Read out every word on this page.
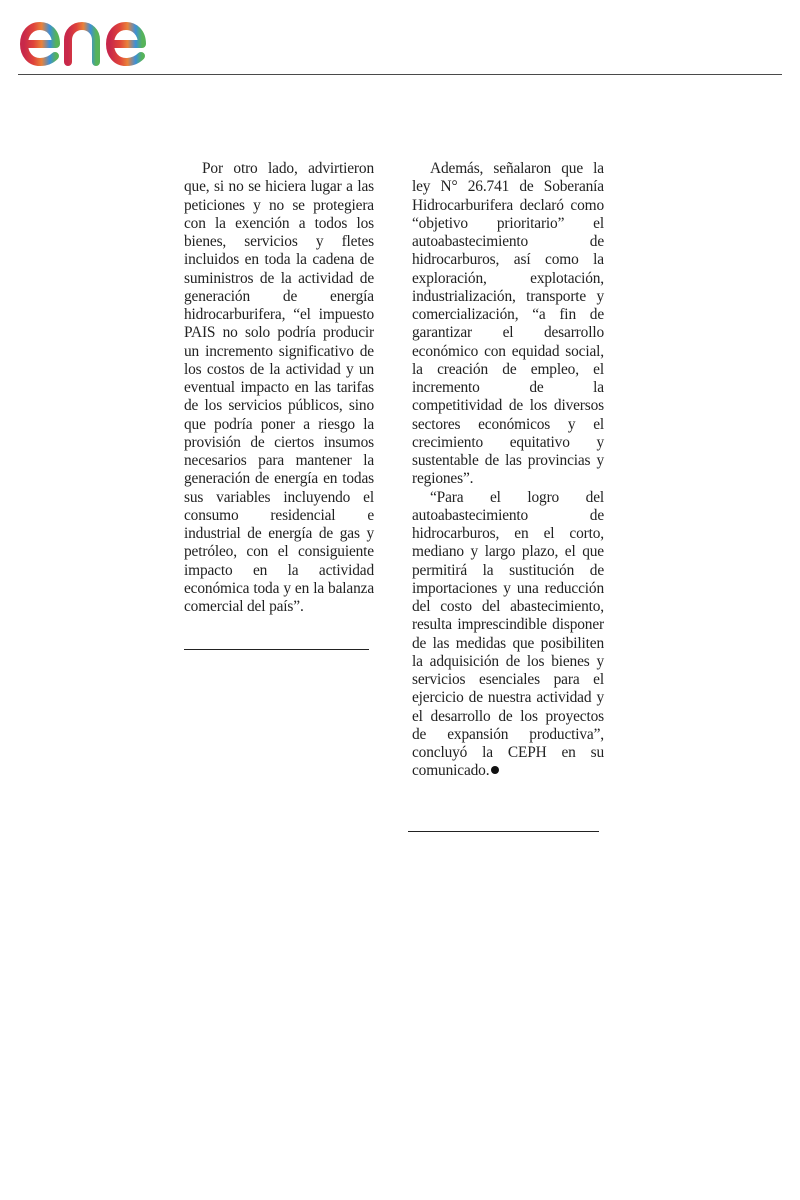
Por otro lado, advirtieron que, si no se hiciera lugar a las peticiones y no se protegiera con la exención a todos los bienes, servicios y fletes incluidos en toda la cadena de suministros de la actividad de generación de energía hidrocarburifera, “el impuesto PAIS no solo podría producir un incremento significativo de los costos de la actividad y un eventual impacto en las tarifas de los servicios públicos, sino que podría poner a riesgo la provisión de ciertos insumos necesarios para mantener la generación de energía en todas sus variables incluyendo el consumo residencial e industrial de energía de gas y petróleo, con el consiguiente impacto en la actividad económica toda y en la balanza comercial del país”.

Además, señalaron que la ley N° 26.741 de Soberanía Hidrocarburifera declaró como “objetivo prioritario” el autoabastecimiento de hidrocarburos, así como la exploración, explotación, industrialización, transporte y comercialización, “a fin de garantizar el desarrollo económico con equidad social, la creación de empleo, el incremento de la competitividad de los diversos sectores económicos y el crecimiento equitativo y sustentable de las provincias y regiones”.

“Para el logro del autoabastecimiento de hidrocarburos, en el corto, mediano y largo plazo, el que permitirá la sustitución de importaciones y una reducción del costo del abastecimiento, resulta imprescindible disponer de las medidas que posibiliten la adquisición de los bienes y servicios esenciales para el ejercicio de nuestra actividad y el desarrollo de los proyectos de expansión productiva”, concluyó la CEPH en su comunicado.
